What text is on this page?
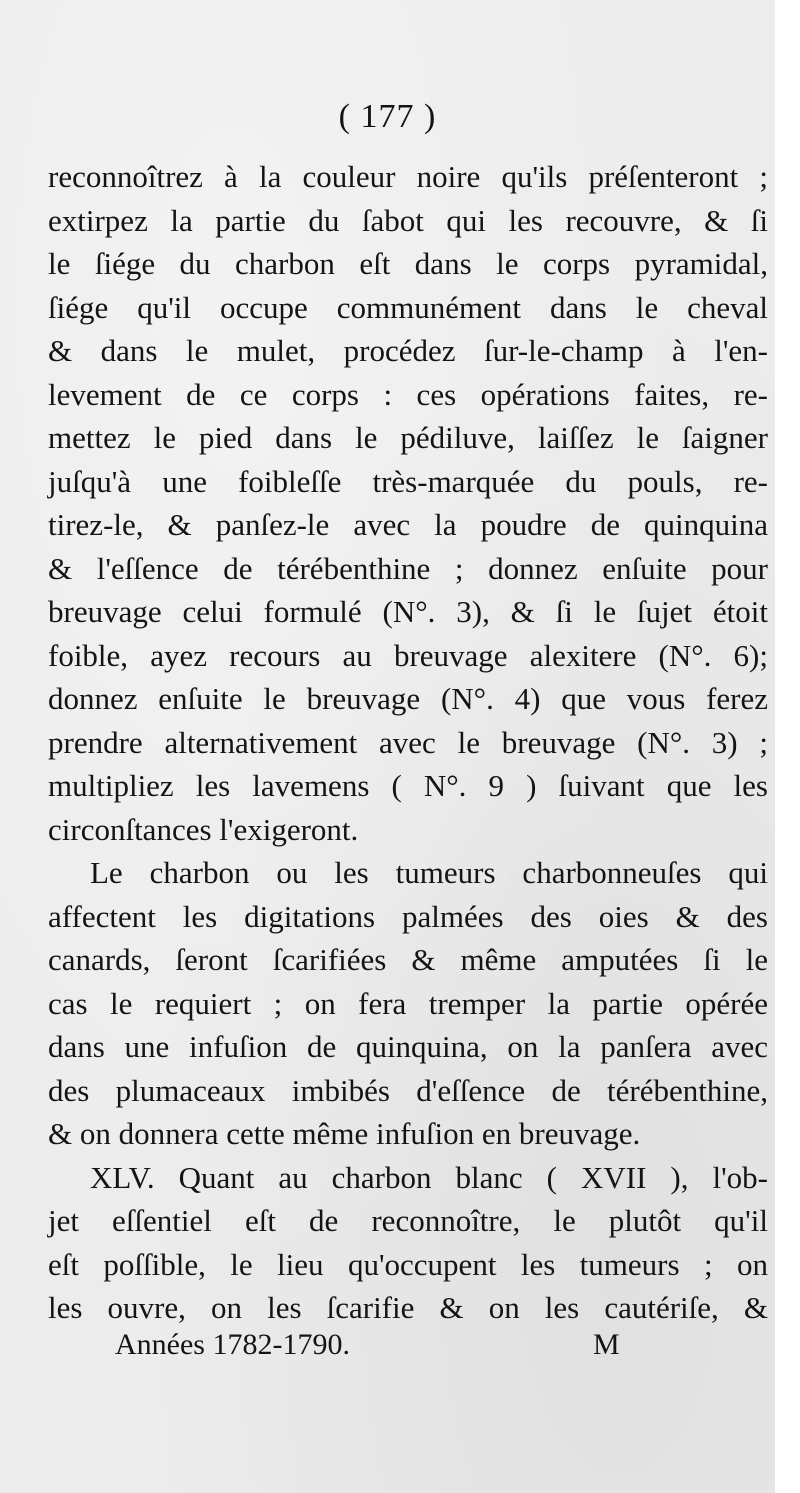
( 177 )
reconnoîtrez à la couleur noire qu'ils préſenteront ;
extirpez la partie du ſabot qui les recouvre, & ſi
le ſiége du charbon eſt dans le corps pyramidal,
ſiége qu'il occupe communément dans le cheval
& dans le mulet, procédez ſur-le-champ à l'en-
levement de ce corps : ces opérations faites, re-
mettez le pied dans le pédiluve, laiſſez le ſaigner
juſqu'à une foibleſſe très-marquée du pouls, re-
tirez-le, & panſez-le avec la poudre de quinquina
& l'eſſence de térébenthine ; donnez enſuite pour
breuvage celui formulé (N°. 3), & ſi le ſujet étoit
foible, ayez recours au breuvage alexitere (N°. 6);
donnez enſuite le breuvage (N°. 4) que vous ferez
prendre alternativement avec le breuvage (N°. 3) ;
multipliez les lavemens ( N°. 9 ) ſuivant que les
circonſtances l'exigeront.
Le charbon ou les tumeurs charbonneuſes qui
affectent les digitations palmées des oies & des
canards, ſeront ſcarifiées & même amputées ſi le
cas le requiert ; on fera tremper la partie opérée
dans une infuſion de quinquina, on la panſera avec
des plumaceaux imbibés d'eſſence de térébenthine,
& on donnera cette même infuſion en breuvage.
XLV. Quant au charbon blanc ( XVII ), l'ob-
jet eſſentiel eſt de reconnoître, le plutôt qu'il
eſt poſſible, le lieu qu'occupent les tumeurs ; on
les ouvre, on les ſcarifie & on les cautériſe, &
Années 1782-1790.	M
